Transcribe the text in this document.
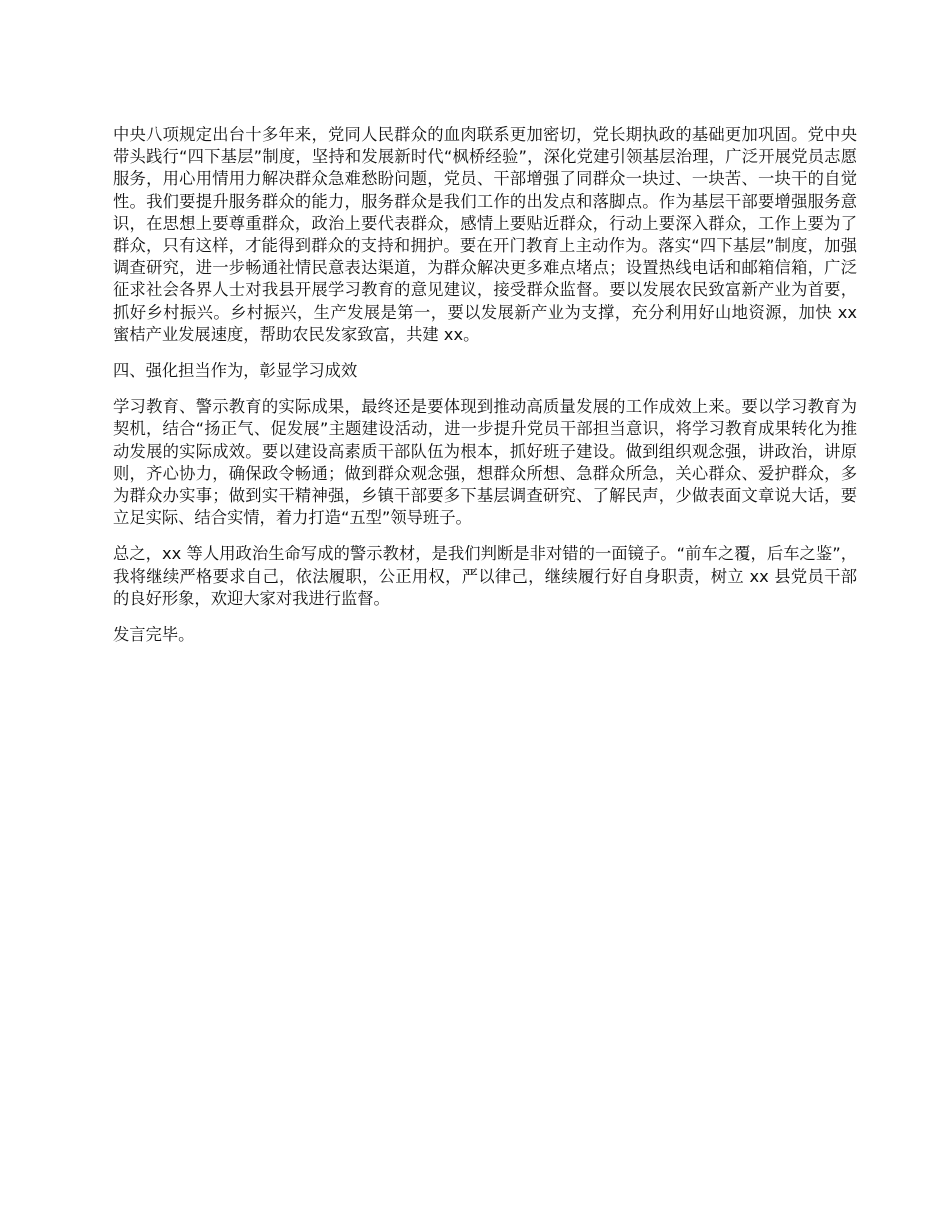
中央八项规定出台十多年来，党同人民群众的血肉联系更加密切，党长期执政的基础更加巩固。党中央带头践行“四下基层”制度，坚持和发展新时代“枫桥经验”，深化党建引领基层治理，广泛开展党员志愿服务，用心用情用力解决群众急难愁盼问题，党员、干部增强了同群众一块过、一块苦、一块干的自觉性。我们要提升服务群众的能力，服务群众是我们工作的出发点和落脚点。作为基层干部要增强服务意识，在思想上要尊重群众，政治上要代表群众，感情上要贴近群众，行动上要深入群众，工作上要为了群众，只有这样，才能得到群众的支持和拥护。要在开门教育上主动作为。落实“四下基层”制度，加强调查研究，进一步畅通社情民意表达渠道，为群众解决更多难点堵点；设置热线电话和邮箱信箱，广泛征求社会各界人士对我县开展学习教育的意见建议，接受群众监督。要以发展农民致富新产业为首要，抓好乡村振兴。乡村振兴，生产发展是第一，要以发展新产业为支撑，充分利用好山地资源，加快 xx 蜜桔产业发展速度，帮助农民发家致富，共建 xx。

四、强化担当作为，彰显学习成效

学习教育、警示教育的实际成果，最终还是要体现到推动高质量发展的工作成效上来。要以学习教育为契机，结合“扬正气、促发展”主题建设活动，进一步提升党员干部担当意识，将学习教育成果转化为推动发展的实际成效。要以建设高素质干部队伍为根本，抓好班子建设。做到组织观念强，讲政治，讲原则，齐心协力，确保政令畅通；做到群众观念强，想群众所想、急群众所急，关心群众、爱护群众，多为群众办实事；做到实干精神强，乡镇干部要多下基层调查研究、了解民声，少做表面文章说大话，要立足实际、结合实情，着力打造“五型”领导班子。

总之，xx 等人用政治生命写成的警示教材，是我们判断是非对错的一面镜子。“前车之覆，后车之鉴”，我将继续严格要求自己，依法履职，公正用权，严以律己，继续履行好自身职责，树立 xx 县党员干部的良好形象，欢迎大家对我进行监督。

发言完毕。
